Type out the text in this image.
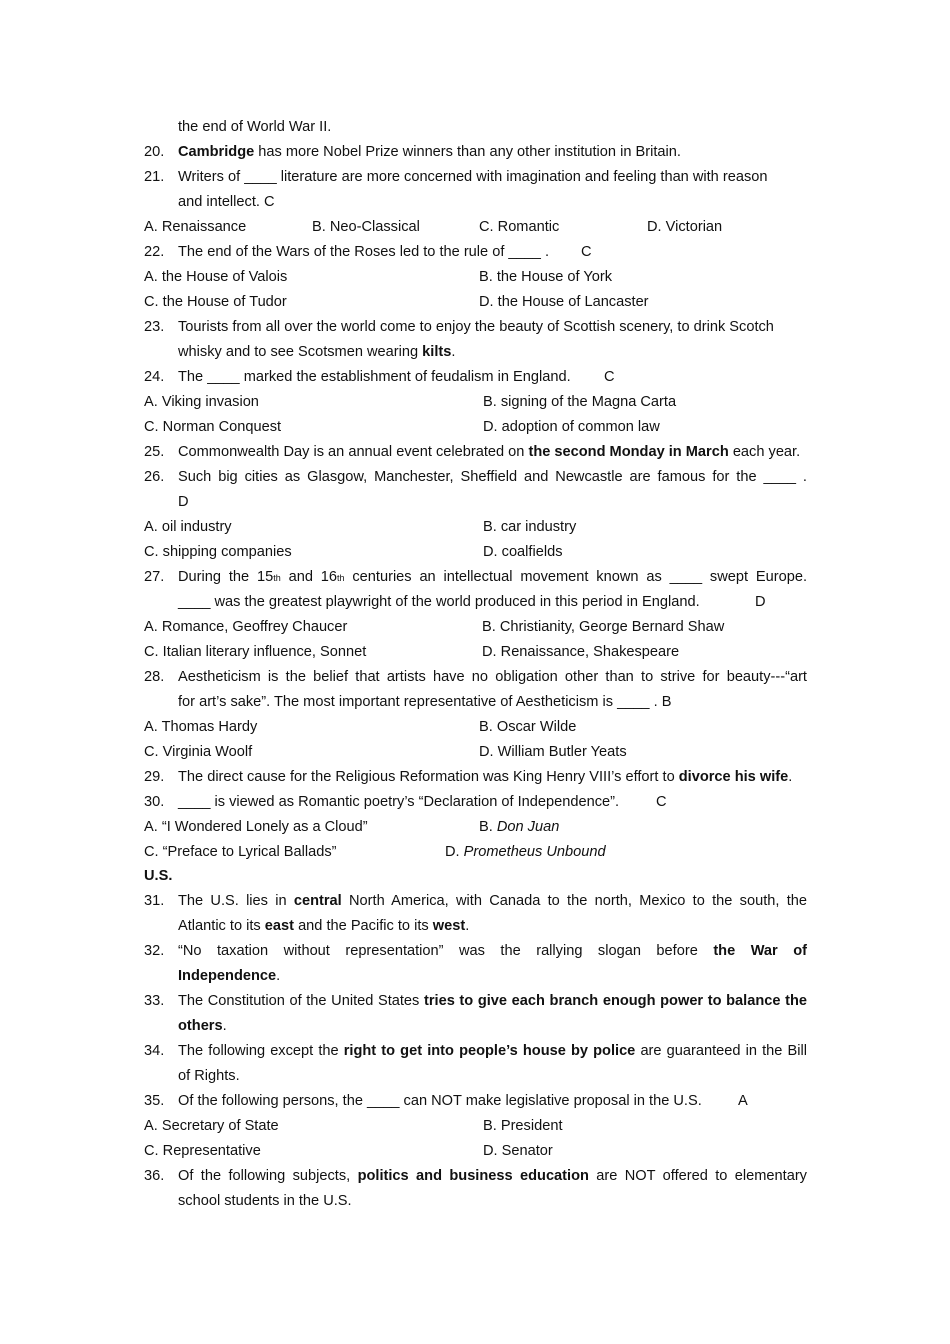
the end of World War II.
20. Cambridge has more Nobel Prize winners than any other institution in Britain.
21. Writers of ____ literature are more concerned with imagination and feeling than with reason
and intellect. C
A. Renaissance	B. Neo-Classical	C. Romantic	D. Victorian
22. The end of the Wars of the Roses led to the rule of ____ . C
A. the House of Valois	B. the House of York
C. the House of Tudor	D. the House of Lancaster
23. Tourists from all over the world come to enjoy the beauty of Scottish scenery, to drink Scotch
whisky and to see Scotsmen wearing kilts.
24. The ____ marked the establishment of feudalism in England. C
A. Viking invasion	B. signing of the Magna Carta
C. Norman Conquest	D. adoption of common law
25. Commonwealth Day is an annual event celebrated on the second Monday in March each year.
26. Such big cities as Glasgow, Manchester, Sheffield and Newcastle are famous for the ____ .
D
A. oil industry	B. car industry
C. shipping companies	D. coalfields
27. During the 15th and 16th centuries an intellectual movement known as ____ swept Europe.
____ was the greatest playwright of the world produced in this period in England.	D
A. Romance, Geoffrey Chaucer	B. Christianity, George Bernard Shaw
C. Italian literary influence, Sonnet	D. Renaissance, Shakespeare
28. Aestheticism is the belief that artists have no obligation other than to strive for beauty---“art
for art’s sake”. The most important representative of Aestheticism is ____ . B
A. Thomas Hardy	B. Oscar Wilde
C. Virginia Woolf	D. William Butler Yeats
29. The direct cause for the Religious Reformation was King Henry VIII’s effort to divorce his wife.
30. ____ is viewed as Romantic poetry’s “Declaration of Independence”.	C
A. “I Wondered Lonely as a Cloud”	B. Don Juan
C. “Preface to Lyrical Ballads”	D. Prometheus Unbound
U.S.
31. The U.S. lies in central North America, with Canada to the north, Mexico to the south, the
Atlantic to its east and the Pacific to its west.
32. “No taxation without representation” was the rallying slogan before the War of
Independence.
33. The Constitution of the United States tries to give each branch enough power to balance the
others.
34. The following except the right to get into people’s house by police are guaranteed in the Bill
of Rights.
35. Of the following persons, the ____ can NOT make legislative proposal in the U.S. A
A. Secretary of State	B. President
C. Representative	D. Senator
36. Of the following subjects, politics and business education are NOT offered to elementary
school students in the U.S.
